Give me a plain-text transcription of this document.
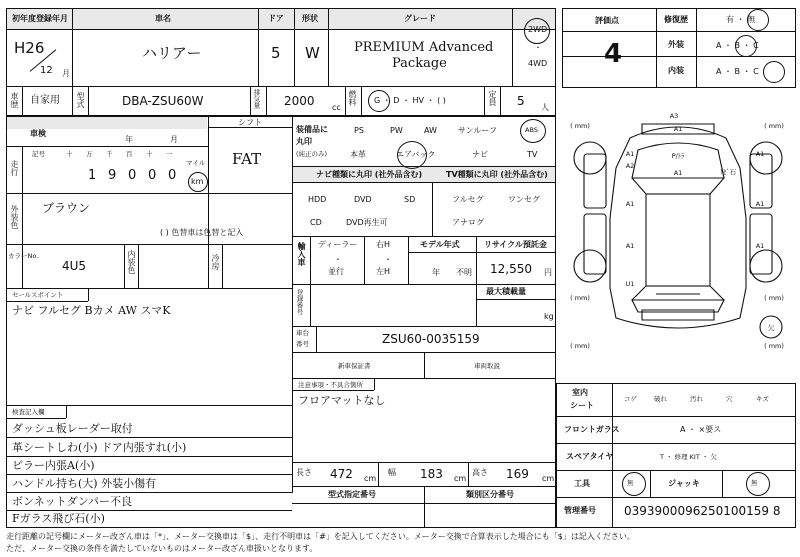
初年度登録年月	車名	ドア 形状	グレード
H26
12 月
ハリアー	5 W	PREMIUM Advanced
Package
2WD
・
4WD
車歴 自家用 型式	DBA-ZSU60W	排気量 2000 cc
燃料 G ・ D ・ HV ・ ( )	定員 5 人
車検
年	月
シフト
FAT
走行
記号	十 万 千 百 十 一
マイル
1 9 0 0 0 km
外装色 ブラウン
( ) 色替車は色替と記入
カラーNo.
4U5	内装色	冷房
装備品に
丸印
(純正のみ)
PS	PW	AW	サンルーフ	ABS
本革	エアバック	ナビ	TV
ナビ種類に丸印 (社外品含む)	TV種類に丸印 (社外品含む)
HDD	DVD	SD
CD	DVD再生可
フルセグ	ワンセグ
アナログ
輸入車 ディーラー
・
並行
右H
・
左H
モデル年式
年 不明
リサイクル預託金
12,550 円
セールスポイント
ナビ フルセグ Bカメ AW スマK	登録番号	最大積載量
kg
車台
番号	ZSU60-0035159
新車保証書	車両取説
注意事項・不具合箇所
フロアマットなし
検査記入欄
ダッシュ板レーダー取付
革シートしわ(小) ドア内張すれ(小)
ピラー内張A(小)
ハンドル持ち(大) 外装小傷有
ボンネットダンパー不良
Fガラス飛び石(小)
長さ 472 cm
幅 183 cm
高さ 169 cm
型式指定番号	類別区分番号
評価点
4
修復歴	有 ・ 無
外装	A ・ B ・ C
内装	A ・ B ・ C
A3
A1
P/ﾄﾗ
A1
A1	A1
A2
ﾄﾋﾞ石
A1	A1
A1	A1
U1
欠
( mm)	( mm)
( mm)	( mm)
( mm)	( mm)
室内
シート
コゲ	破れ	汚れ	穴	キズ
フロントガラス	A ・ ×要ス
スペアタイヤ	T ・ 修理 KIT ・ 欠
工具	無	ジャッキ	無
管理番号 0393900096250100159 8
走行距離の記号欄にメーター改ざん車は「*」、メーター交換車は「$」、走行不明車は「#」を記入してください。メーター交換で合算表示した場合にも「$」は記入ください。
ただ、メーター交換の条件を満たしていないものはメーター改ざん車扱いとなります。
